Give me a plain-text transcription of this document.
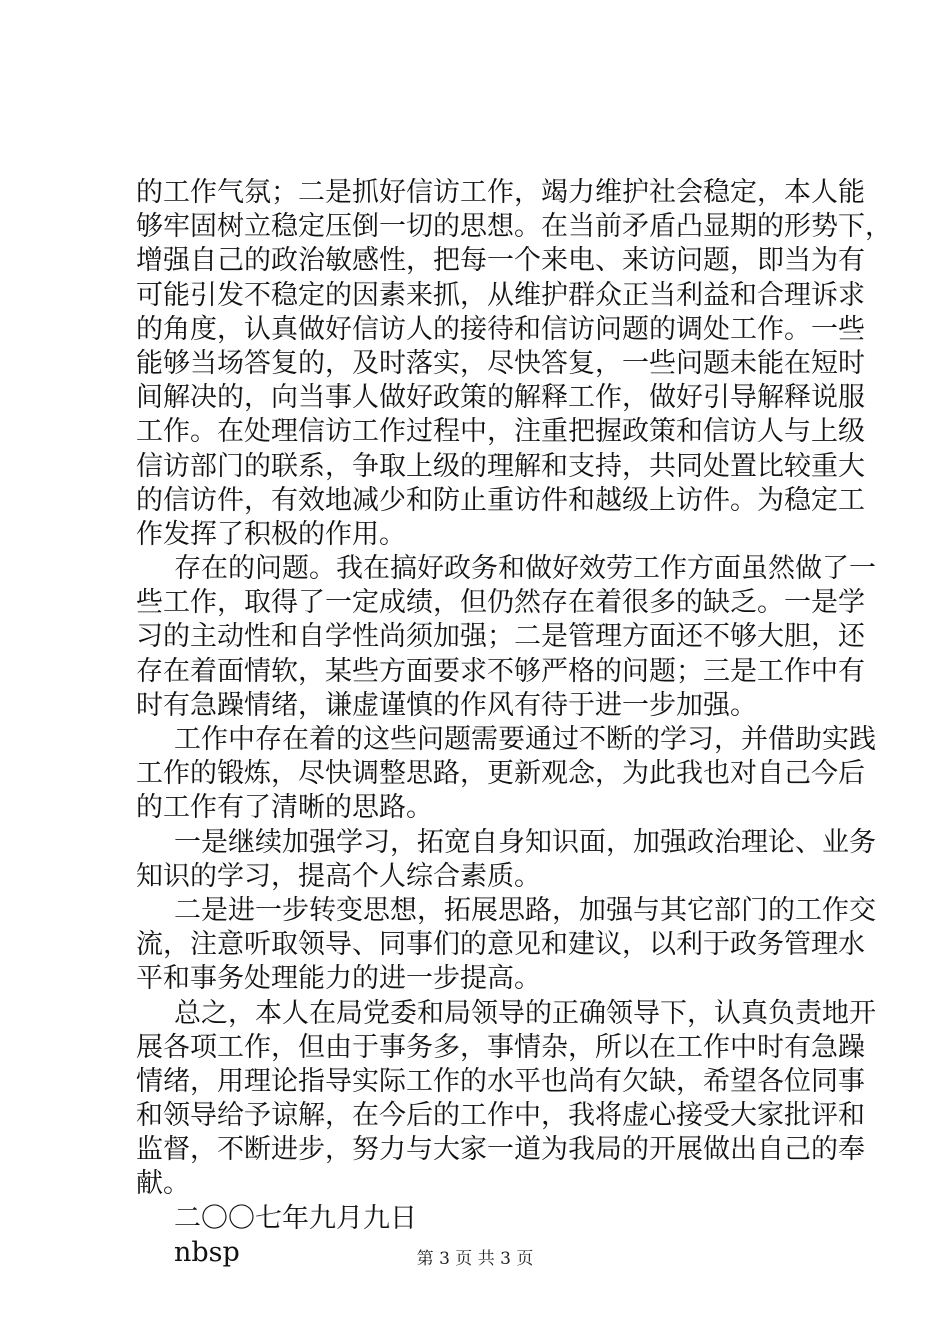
的工作气氛；二是抓好信访工作，竭力维护社会稳定，本人能
够牢固树立稳定压倒一切的思想。在当前矛盾凸显期的形势下，
增强自己的政治敏感性，把每一个来电、来访问题，即当为有
可能引发不稳定的因素来抓，从维护群众正当利益和合理诉求
的角度，认真做好信访人的接待和信访问题的调处工作。一些
能够当场答复的，及时落实，尽快答复，一些问题未能在短时
间解决的，向当事人做好政策的解释工作，做好引导解释说服
工作。在处理信访工作过程中，注重把握政策和信访人与上级
信访部门的联系，争取上级的理解和支持，共同处置比较重大
的信访件，有效地减少和防止重访件和越级上访件。为稳定工
作发挥了积极的作用。
存在的问题。我在搞好政务和做好效劳工作方面虽然做了一
些工作，取得了一定成绩，但仍然存在着很多的缺乏。一是学
习的主动性和自学性尚须加强；二是管理方面还不够大胆，还
存在着面情软，某些方面要求不够严格的问题；三是工作中有
时有急躁情绪，谦虚谨慎的作风有待于进一步加强。
工作中存在着的这些问题需要通过不断的学习，并借助实践
工作的锻炼，尽快调整思路，更新观念，为此我也对自己今后
的工作有了清晰的思路。
一是继续加强学习，拓宽自身知识面，加强政治理论、业务
知识的学习，提高个人综合素质。
二是进一步转变思想，拓展思路，加强与其它部门的工作交
流，注意听取领导、同事们的意见和建议，以利于政务管理水
平和事务处理能力的进一步提高。
总之，本人在局党委和局领导的正确领导下，认真负责地开
展各项工作，但由于事务多，事情杂，所以在工作中时有急躁
情绪，用理论指导实际工作的水平也尚有欠缺，希望各位同事
和领导给予谅解，在今后的工作中，我将虚心接受大家批评和
监督，不断进步，努力与大家一道为我局的开展做出自己的奉
献。
二〇〇七年九月九日
nbsp	第 3 页 共 3 页
